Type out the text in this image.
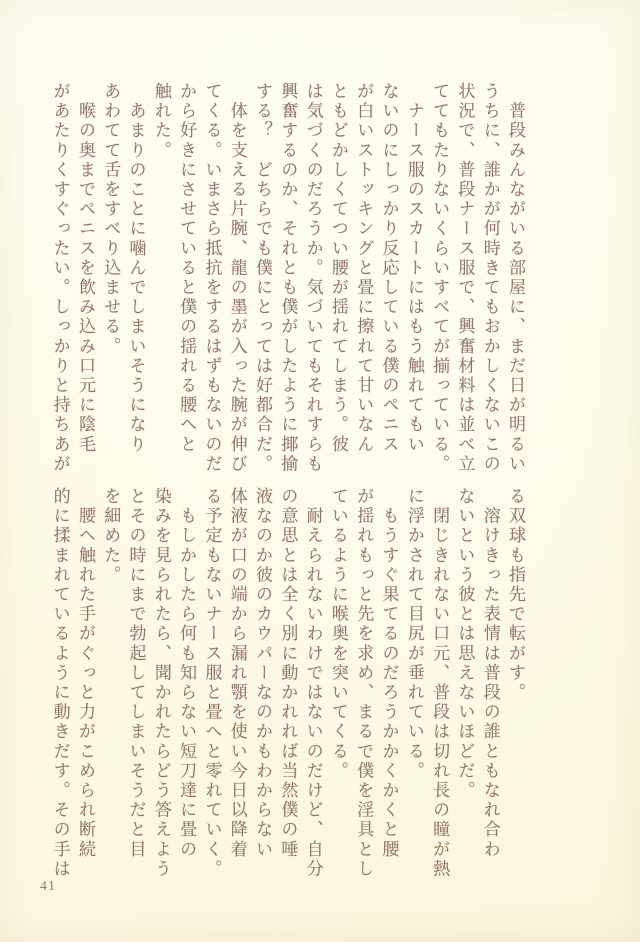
　普段みんながいる部屋に、まだ日が明るい
うちに、誰かが何時きてもおかしくないこの
状況で、普段ナース服で、興奮材料は並べ立
ててもたりないくらいすべてが揃っている。
　ナース服のスカートにはもう触れてもい
ないのにしっかり反応している僕のペニス
が白いストッキングと畳に擦れて甘いなん
ともどかしくてつい腰が揺れてしまう。彼
は気づくのだろうか。気づいてもそれすらも
興奮するのか、それとも僕がしたように揶揄
する？　どちらでも僕にとっては好都合だ。
　体を支える片腕、龍の墨が入った腕が伸び
てくる。いまさら抵抗をするはずもないのだ
から好きにさせていると僕の揺れる腰へと
触れた。
　あまりのことに噛んでしまいそうになり
あわてて舌をすべり込ませる。
　喉の奥までペニスを飲み込み口元に陰毛
があたりくすぐったい。しっかりと持ちあが
る双球も指先で転がす。
　溶けきった表情は普段の誰ともなれ合わ
ないという彼とは思えないほどだ。
　閉じきれない口元、普段は切れ長の瞳が熱
に浮かされて目尻が垂れている。
　もうすぐ果てるのだろうかかくかくと腰
が揺れもっと先を求め、まるで僕を淫具とし
ているように喉奥を突いてくる。
　耐えられないわけではないのだけど、自分
の意思とは全く別に動かれれば当然僕の唾
液なのか彼のカウパーなのかもわからない
体液が口の端から漏れ顎を使い今日以降着
る予定もないナース服と畳へと零れていく。
　もしかしたら何も知らない短刀達に畳の
染みを見られたら、聞かれたらどう答えよう
とその時にまで勃起してしまいそうだと目
を細めた。
　腰へ触れた手がぐっと力がこめられ断続
的に揉まれているように動きだす。その手は
41
